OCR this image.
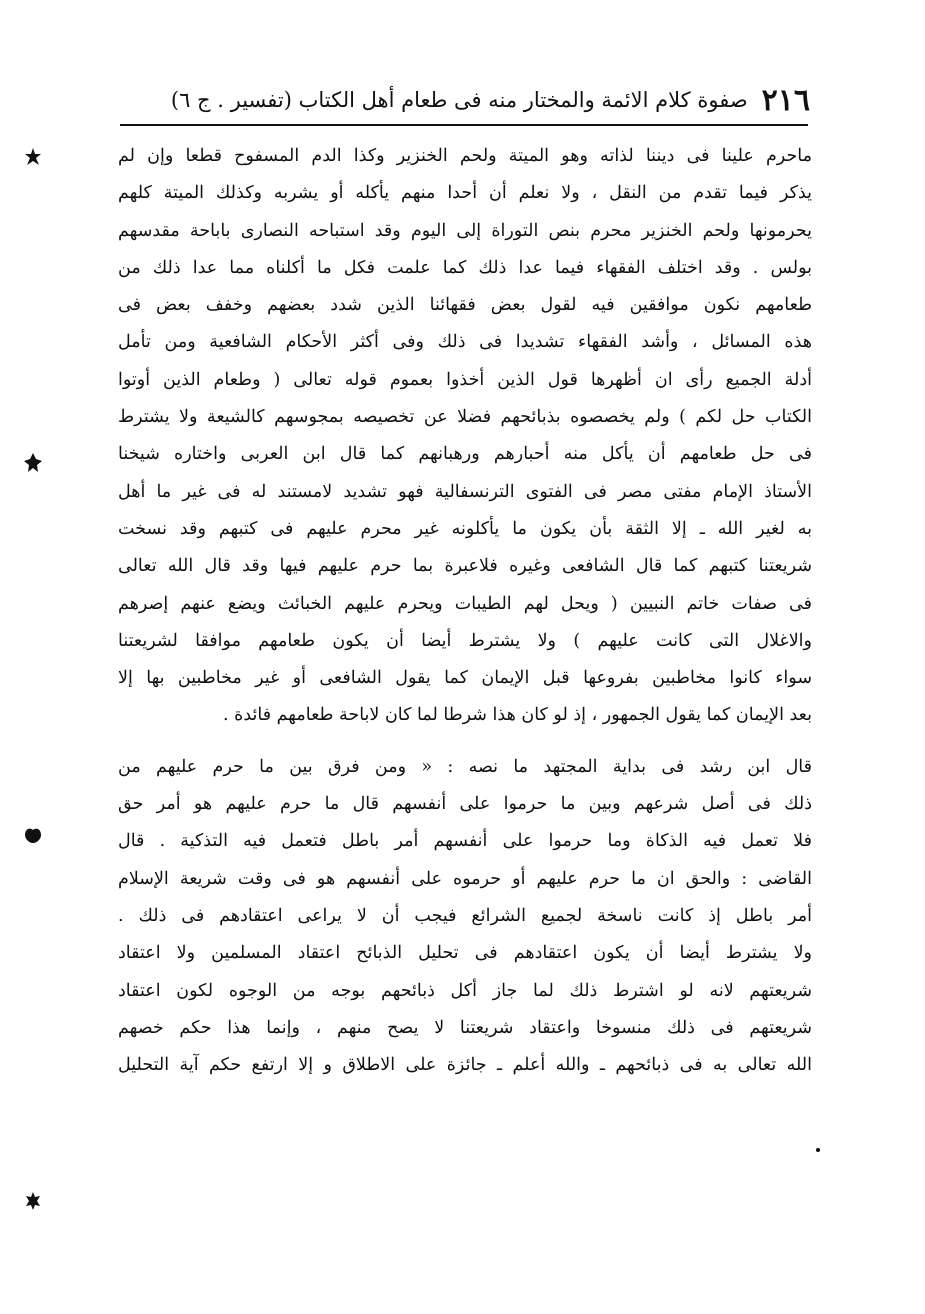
٢١٦
صفوة كلام الائمة والمختار منه فى طعام أهل الكتاب (تفسير . ج ٦)
ماحرم علينا فى ديننا لذاته وهو الميتة ولحم الخنزير وكذا الدم المسفوح قطعا وإن لم
يذكر فيما تقدم من النقل ، ولا نعلم أن أحدا منهم يأكله أو يشربه وكذلك الميتة كلهم
يحرمونها ولحم الخنزير محرم بنص التوراة إلى اليوم وقد استباحه النصارى باباحة مقدسهم
بولس . وقد اختلف الفقهاء فيما عدا ذلك كما علمت فكل ما أكلناه مما عدا ذلك من
طعامهم نكون موافقين فيه لقول بعض فقهائنا الذين شدد بعضهم وخفف بعض فى
هذه المسائل ، وأشد الفقهاء تشديدا فى ذلك وفى أكثر الأحكام الشافعية ومن تأمل
أدلة الجميع رأى ان أظهرها قول الذين أخذوا بعموم قوله تعالى ( وطعام الذين أوتوا
الكتاب حل لكم ) ولم يخصصوه بذبائحهم فضلا عن تخصيصه بمجوسهم كالشيعة ولا يشترط
فى حل طعامهم أن يأكل منه أحبارهم ورهبانهم كما قال ابن العربى واختاره شيخنا
الأستاذ الإمام مفتى مصر فى الفتوى الترنسفالية فهو تشديد لامستند له فى غير ما أهل
به لغير الله ـ إلا الثقة بأن يكون ما يأكلونه غير محرم عليهم فى كتبهم وقد نسخت
شريعتنا كتبهم كما قال الشافعى وغيره فلاعبرة بما حرم عليهم فيها وقد قال الله تعالى
فى صفات خاتم النبيين ( ويحل لهم الطيبات ويحرم عليهم الخبائث ويضع عنهم إصرهم
والاغلال التى كانت عليهم ) ولا يشترط أيضا أن يكون طعامهم موافقا لشريعتنا
سواء كانوا مخاطبين بفروعها قبل الإيمان كما يقول الشافعى أو غير مخاطبين بها إلا
بعد الإيمان كما يقول الجمهور ، إذ لو كان هذا شرطا لما كان لاباحة طعامهم فائدة .
قال ابن رشد فى بداية المجتهد ما نصه : « ومن فرق بين ما حرم عليهم من
ذلك فى أصل شرعهم وبين ما حرموا على أنفسهم قال ما حرم عليهم هو أمر حق
فلا تعمل فيه الذكاة وما حرموا على أنفسهم أمر باطل فتعمل فيه التذكية . قال
القاضى : والحق ان ما حرم عليهم أو حرموه على أنفسهم هو فى وقت شريعة الإسلام
أمر باطل إذ كانت ناسخة لجميع الشرائع فيجب أن لا يراعى اعتقادهم فى ذلك .
ولا يشترط أيضا أن يكون اعتقادهم فى تحليل الذبائح اعتقاد المسلمين ولا اعتقاد
شريعتهم لانه لو اشترط ذلك لما جاز أكل ذبائحهم بوجه من الوجوه لكون اعتقاد
شريعتهم فى ذلك منسوخا واعتقاد شريعتنا لا يصح منهم ، وإنما هذا حكم خصهم
الله تعالى به فى ذبائحهم ـ والله أعلم ـ جائزة على الاطلاق و إلا ارتفع حكم آية التحليل
